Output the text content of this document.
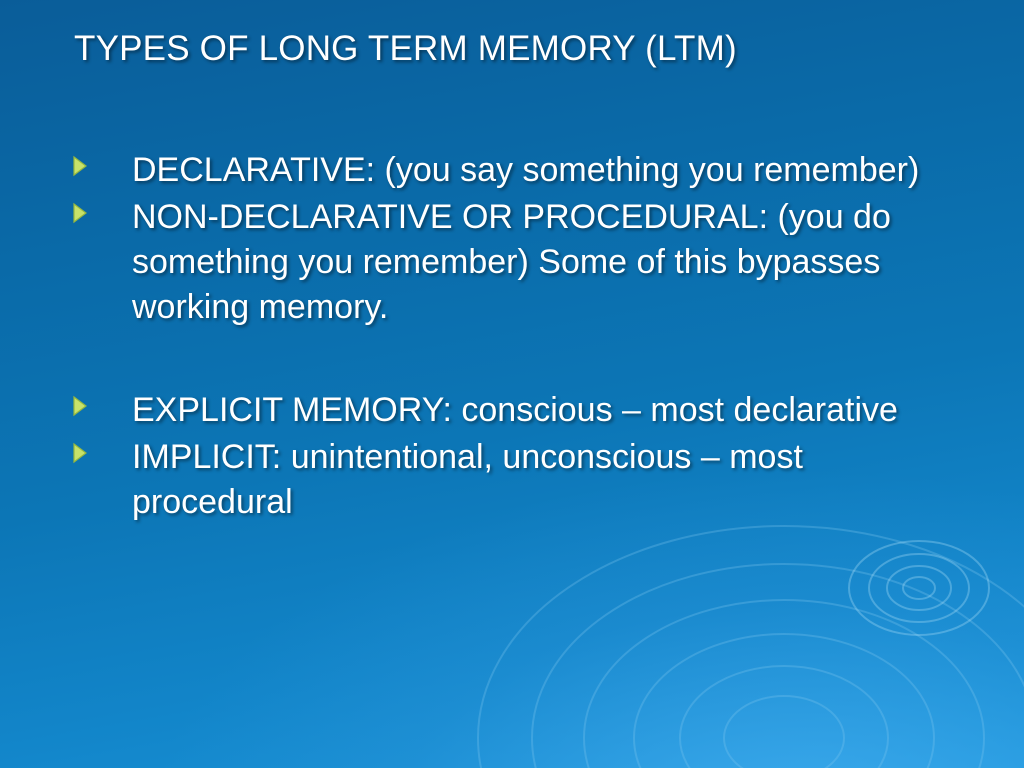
TYPES OF LONG TERM MEMORY (LTM)
DECLARATIVE: (you say something you remember)
NON-DECLARATIVE OR PROCEDURAL: (you do something you remember) Some of this bypasses working memory.
EXPLICIT MEMORY: conscious – most declarative
IMPLICIT: unintentional, unconscious – most procedural
